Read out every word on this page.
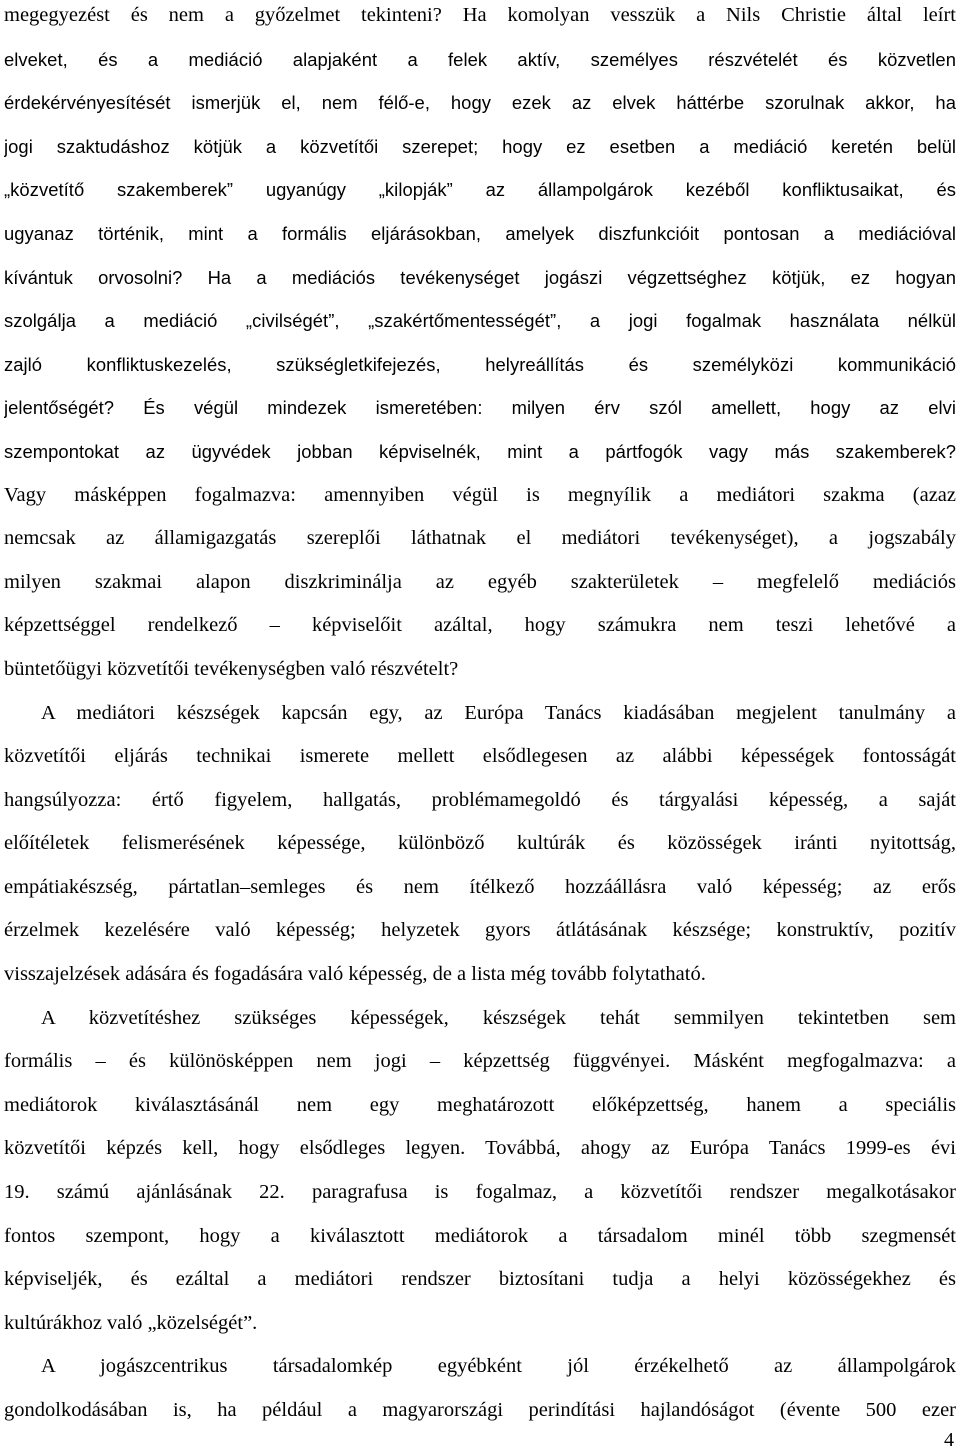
megegyezést és nem a győzelmet tekinteni? Ha komolyan vesszük a Nils Christie által leírt
elveket, és a mediáció alapjaként a felek aktív, személyes részvételét és közvetlen
érdekérvényesítését ismerjük el, nem félő-e, hogy ezek az elvek háttérbe szorulnak akkor, ha
jogi szaktudáshoz kötjük a közvetítői szerepet; hogy ez esetben a mediáció keretén belül
„közvetítő szakemberek” ugyanúgy „kilopják” az állampolgárok kezéből konfliktusaikat, és
ugyanaz történik, mint a formális eljárásokban, amelyek diszfunkcióit pontosan a mediációval
kívántuk orvosolni? Ha a mediációs tevékenységet jogászi végzettséghez kötjük, ez hogyan
szolgálja a mediáció „civilségét”, „szakértőmentességét”, a jogi fogalmak használata nélkül
zajló konfliktuskezelés, szükségletkifejezés, helyreállítás és személyközi kommunikáció
jelentőségét? És végül mindezek ismeretében: milyen érv szól amellett, hogy az elvi
szempontokat az ügyvédek jobban képviselnék, mint a pártfogók vagy más szakemberek?
Vagy másképpen fogalmazva: amennyiben végül is megnyílik a mediátori szakma (azaz
nemcsak az államigazgatás szereplői láthatnak el mediátori tevékenységet), a jogszabály
milyen szakmai alapon diszkriminálja az egyéb szakterületek – megfelelő mediációs
képzettséggel rendelkező – képviselőit azáltal, hogy számukra nem teszi lehetővé a
büntetőügyi közvetítői tevékenységben való részvételt?
A mediátori készségek kapcsán egy, az Európa Tanács kiadásában megjelent tanulmány a
közvetítői eljárás technikai ismerete mellett elsődlegesen az alábbi képességek fontosságát
hangsúlyozza: értő figyelem, hallgatás, problémamegoldó és tárgyalási képesség, a saját
előítéletek felismerésének képessége, különböző kultúrák és közösségek iránti nyitottság,
empátiakészség, pártatlan–semleges és nem ítélkező hozzáállásra való képesség; az erős
érzelmek kezelésére való képesség; helyzetek gyors átlátásának készsége; konstruktív, pozitív
visszajelzések adására és fogadására való képesség, de a lista még tovább folytatható.
A közvetítéshez szükséges képességek, készségek tehát semmilyen tekintetben sem
formális – és különösképpen nem jogi – képzettség függvényei. Másként megfogalmazva: a
mediátorok kiválasztásánál nem egy meghatározott előképzettség, hanem a speciális
közvetítői képzés kell, hogy elsődleges legyen. Továbbá, ahogy az Európa Tanács 1999-es évi
19. számú ajánlásának 22. paragrafusa is fogalmaz, a közvetítői rendszer megalkotásakor
fontos szempont, hogy a kiválasztott mediátorok a társadalom minél több szegmensét
képviseljék, és ezáltal a mediátori rendszer biztosítani tudja a helyi közösségekhez és
kultúrákhoz való „közelségét”.
A jogászcentrikus társadalomkép egyébként jól érzékelhető az állampolgárok
gondolkodásában is, ha például a magyarországi perindítási hajlandóságot (évente 500 ezer
4
